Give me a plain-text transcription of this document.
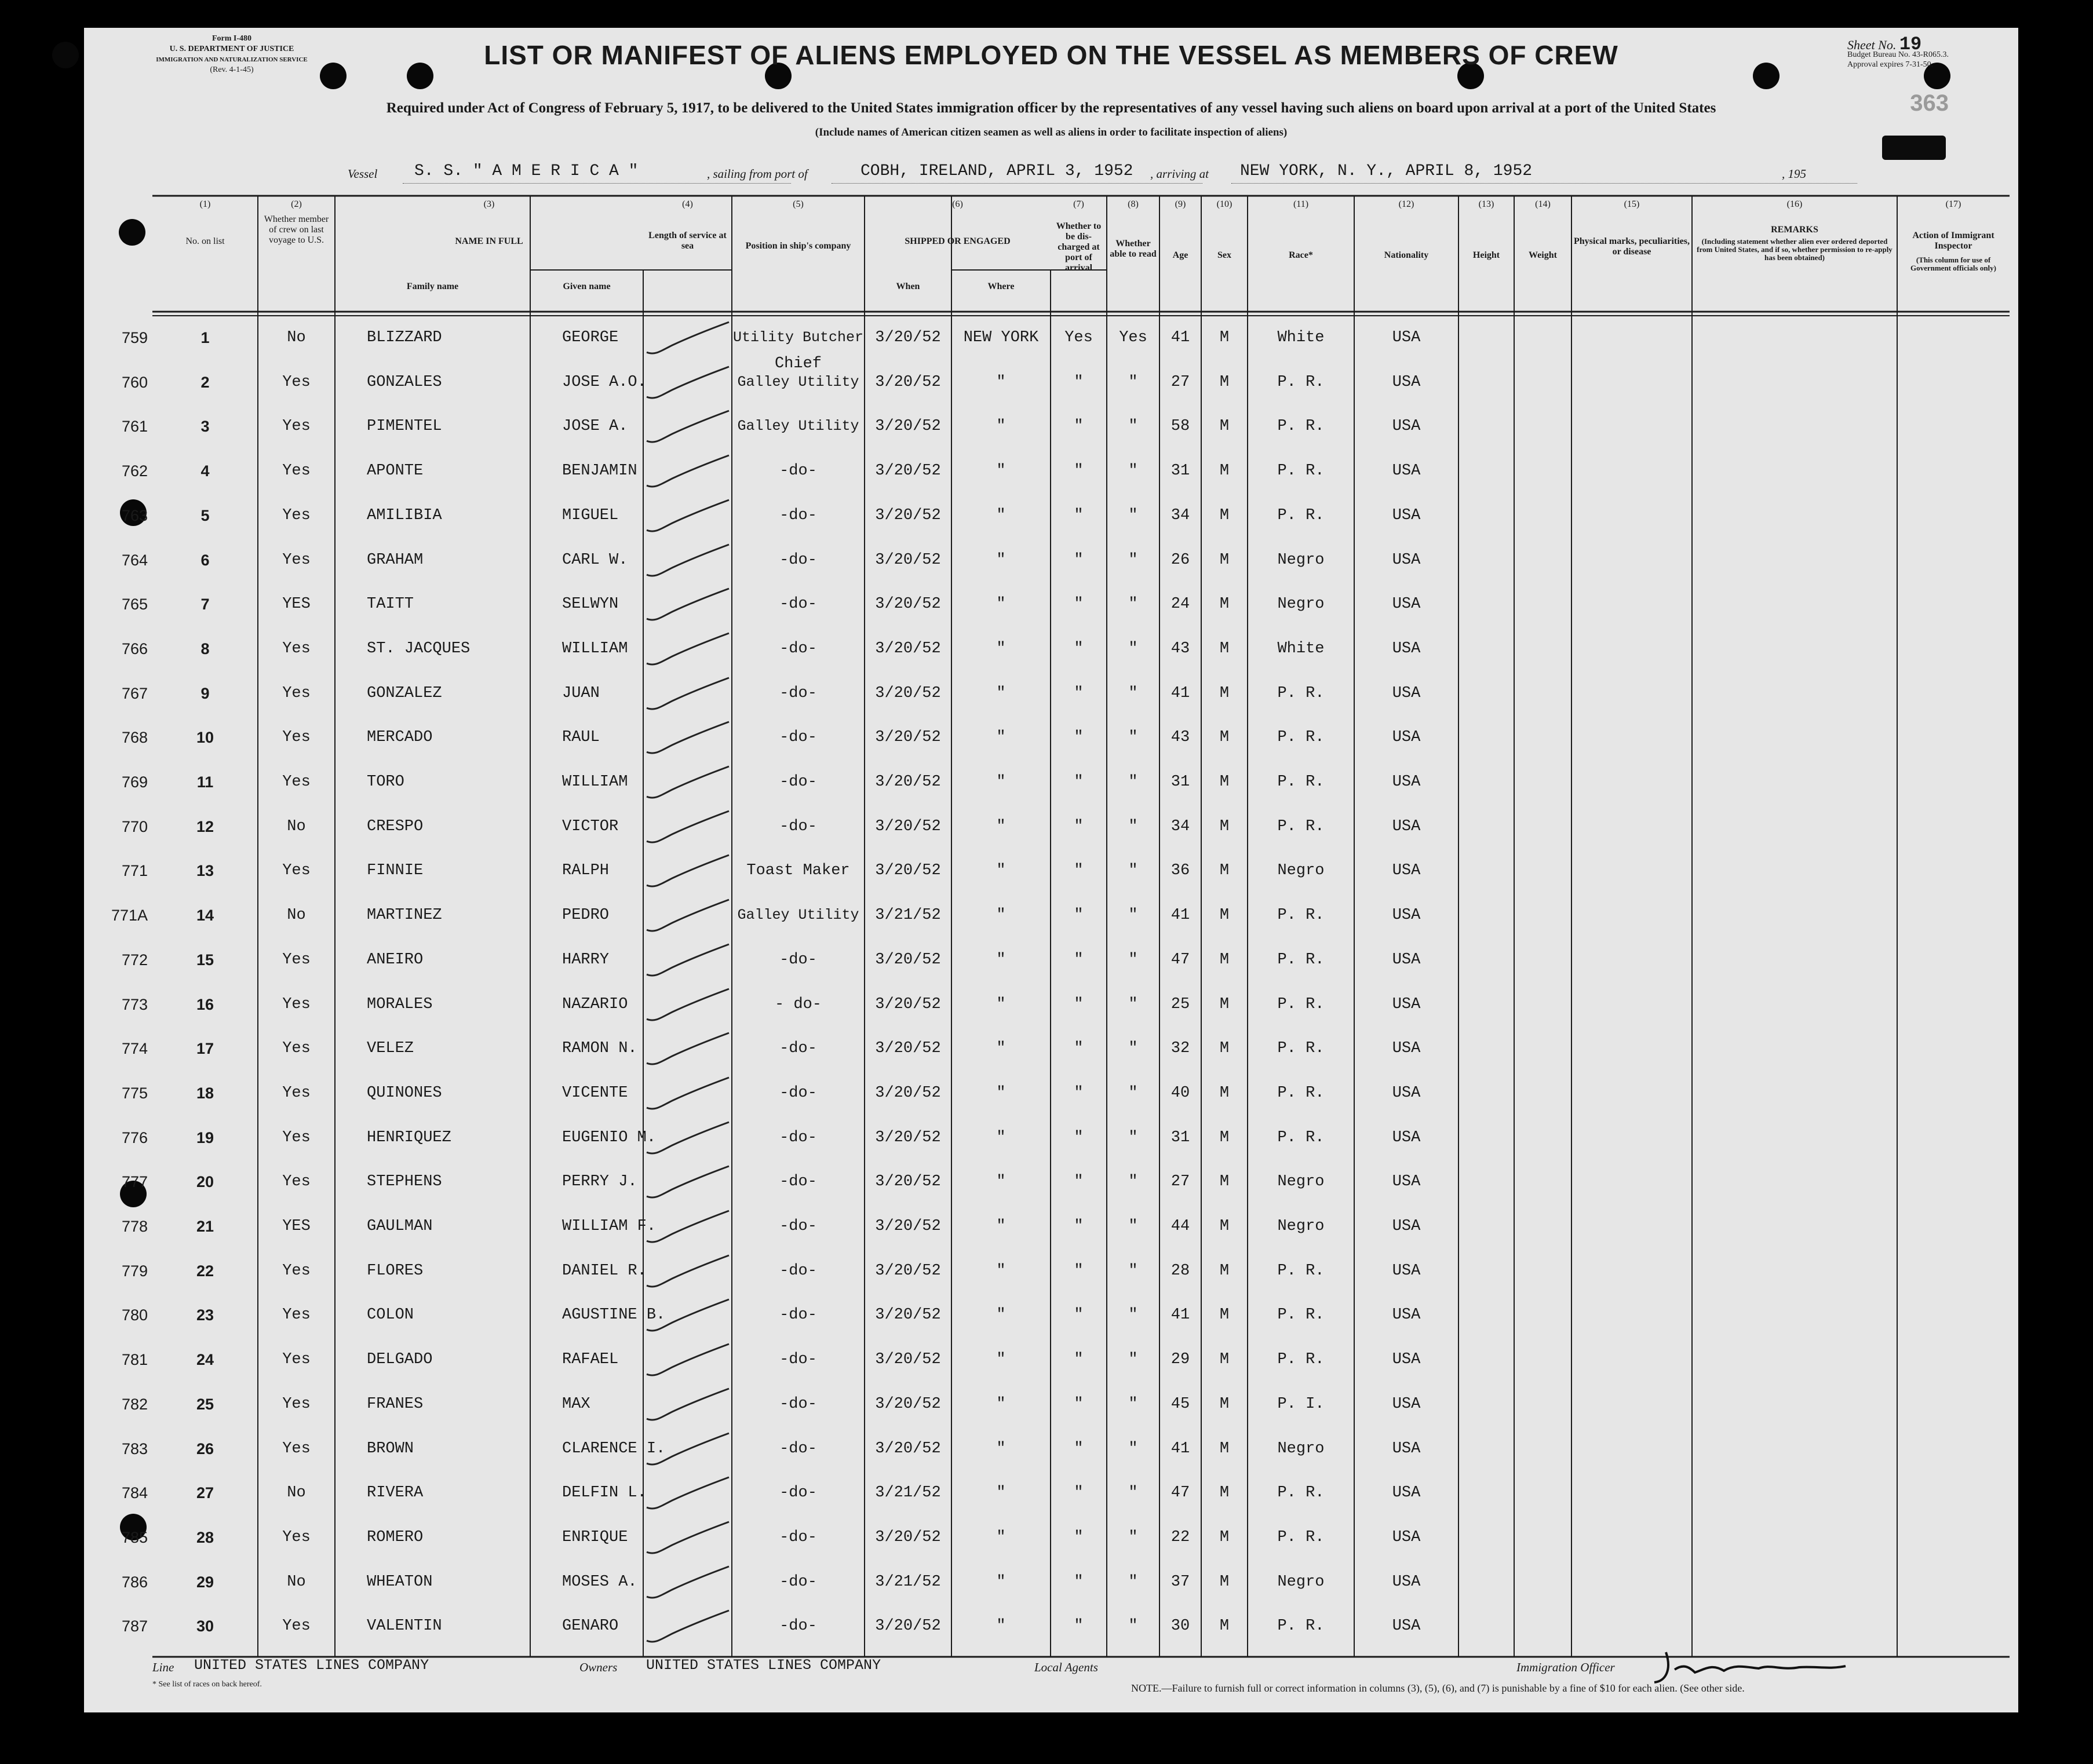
Form I-480
U. S. DEPARTMENT OF JUSTICE
IMMIGRATION AND NATURALIZATION SERVICE
(Rev. 4-1-45)	LIST OR MANIFEST OF ALIENS EMPLOYED ON THE VESSEL AS MEMBERS OF CREW	Sheet No. 19
Budget Bureau No. 43-R065.3.
Approval expires 7-31-50.
363
Required under Act of Congress of February 5, 1917, to be delivered to the United States immigration officer by the representatives of any vessel having such aliens on board upon arrival at a port of the United States
(Include names of American citizen seamen as well as aliens in order to facilitate inspection of aliens)
Vessel S. S. " A M E R I C A "	, sailing from port of	COBH, IRELAND, APRIL 3, 1952 , arriving at NEW YORK, N. Y., APRIL 8, 1952	, 195
(1)	(2)	(3)	(4)	(5)	(6)	(7)	(8)	(9)	(10)	(11)	(12)	(13)	(14)	(15)	(16)	(17)
No. on list
Whether member of crew on last voyage to U.S.	NAME IN FULL
Family name	Given name
Length of service at sea	Position in ship's company	SHIPPED OR ENGAGED
When	Where
Whether to be dis-charged at port of arrival
Whether able to read	Age	Sex	Race*	Nationality	Height	Weight
Physical marks, peculiarities, or disease
REMARKS
(Including statement whether alien ever ordered deported from United States, and if so, whether permission to re-apply has been obtained)
Action of Immigrant Inspector
(This column for use of Government officials only)
759	1	No	BLIZZARD	GEORGE	Utility Butcher 3/20/52	NEW YORK	Yes	Yes	41	M	White	USA
760	2	Yes	GONZALES	JOSE A.O.	Galley Utility	3/20/52	"	"	"	27	M	P. R.	USA
Chief
761	3	Yes	PIMENTEL	JOSE A.	Galley Utility	3/20/52	"	"	"	58	M	P. R.	USA
762	4	Yes	APONTE	BENJAMIN	-do-	3/20/52	"	"	"	31	M	P. R.	USA
763	5	Yes	AMILIBIA	MIGUEL	-do-	3/20/52	"	"	"	34	M	P. R.	USA
764	6	Yes	GRAHAM	CARL W.	-do-	3/20/52	"	"	"	26	M	Negro	USA
765	7	YES	TAITT	SELWYN	-do-	3/20/52	"	"	"	24	M	Negro	USA
766	8	Yes	ST. JACQUES	WILLIAM	-do-	3/20/52	"	"	"	43	M	White	USA
767	9	Yes	GONZALEZ	JUAN	-do-	3/20/52	"	"	"	41	M	P. R.	USA
768	10	Yes	MERCADO	RAUL	-do-	3/20/52	"	"	"	43	M	P. R.	USA
769	11	Yes	TORO	WILLIAM	-do-	3/20/52	"	"	"	31	M	P. R.	USA
770	12	No	CRESPO	VICTOR	-do-	3/20/52	"	"	"	34	M	P. R.	USA
771	13	Yes	FINNIE	RALPH	Toast Maker	3/20/52	"	"	"	36	M	Negro	USA
771A	14	No	MARTINEZ	PEDRO	Galley Utility	3/21/52	"	"	"	41	M	P. R.	USA
772	15	Yes	ANEIRO	HARRY	-do-	3/20/52	"	"	"	47	M	P. R.	USA
773	16	Yes	MORALES	NAZARIO	- do-	3/20/52	"	"	"	25	M	P. R.	USA
774	17	Yes	VELEZ	RAMON N.	-do-	3/20/52	"	"	"	32	M	P. R.	USA
775	18	Yes	QUINONES	VICENTE	-do-	3/20/52	"	"	"	40	M	P. R.	USA
776	19	Yes	HENRIQUEZ	EUGENIO M.	-do-	3/20/52	"	"	"	31	M	P. R.	USA
777	20	Yes	STEPHENS	PERRY J.	-do-	3/20/52	"	"	"	27	M	Negro	USA
778	21	YES	GAULMAN	WILLIAM F.	-do-	3/20/52	"	"	"	44	M	Negro	USA
779	22	Yes	FLORES	DANIEL R.	-do-	3/20/52	"	"	"	28	M	P. R.	USA
780	23	Yes	COLON	AGUSTINE B.	-do-	3/20/52	"	"	"	41	M	P. R.	USA
781	24	Yes	DELGADO	RAFAEL	-do-	3/20/52	"	"	"	29	M	P. R.	USA
782	25	Yes	FRANES	MAX	-do-	3/20/52	"	"	"	45	M	P. I.	USA
783	26	Yes	BROWN	CLARENCE I.	-do-	3/20/52	"	"	"	41	M	Negro	USA
784	27	No	RIVERA	DELFIN L.	-do-	3/21/52	"	"	"	47	M	P. R.	USA
785	28	Yes	ROMERO	ENRIQUE	-do-	3/20/52	"	"	"	22	M	P. R.	USA
786	29	No	WHEATON	MOSES A.	-do-	3/21/52	"	"	"	37	M	Negro	USA
787	30	Yes	VALENTIN	GENARO	-do-	3/20/52	"	"	"	30	M	P. R.	USA
Line UNITED STATES LINES COMPANY	Owners UNITED STATES LINES COMPANY	Local Agents	Immigration Officer
* See list of races on back hereof.	NOTE.—Failure to furnish full or correct information in columns (3), (5), (6), and (7) is punishable by a fine of $10 for each alien. (See other side.
